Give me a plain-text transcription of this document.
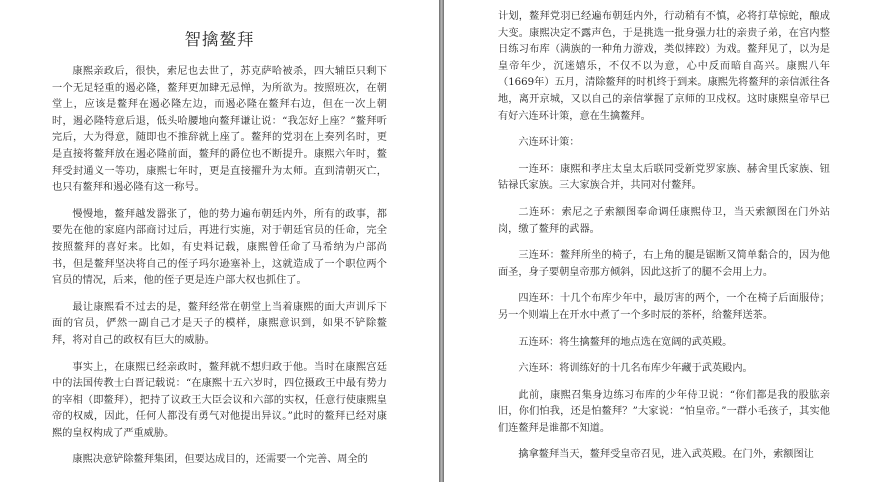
智擒鳌拜

康熙亲政后，很快，索尼也去世了，苏克萨哈被杀，四大辅臣只剩下一个无足轻重的遏必隆，鳌拜更加肆无忌惮，为所欲为。按照班次，在朝堂上，应该是鳌拜在遏必隆左边，而遏必隆在鳌拜右边，但在一次上朝时，遏必隆特意后退，低头哈腰地向鳌拜谦让说：“我怎好上座？”鳌拜听完后，大为得意，随即也不推辞就上座了。鳌拜的党羽在上奏列名时，更是直接将鳌拜放在遏必隆前面，鳌拜的爵位也不断提升。康熙六年时，鳌拜受封通义一等功，康熙七年时，更是直接擢升为太师。直到清朝灭亡，也只有鳌拜和遏必隆有这一称号。

慢慢地，鳌拜越发嚣张了，他的势力遍布朝廷内外，所有的政事，都要先在他的家庭内部商讨过后，再进行实施，对于朝廷官员的任命，完全按照鳌拜的喜好来。比如，有史料记载，康熙曾任命了马希纳为户部尚书，但是鳌拜坚决将自己的侄子玛尔逊塞补上，这就造成了一个职位两个官员的情况，后来，他的侄子更是连户部大权也抓住了。

最让康熙看不过去的是，鳌拜经常在朝堂上当着康熙的面大声训斥下面的官员，俨然一副自己才是天子的模样，康熙意识到，如果不铲除鳌拜，将对自己的政权有巨大的威胁。

事实上，在康熙已经亲政时，鳌拜就不想归政于他。当时在康熙宫廷中的法国传教士白晋记载说：“在康熙十五六岁时，四位摄政王中最有势力的宰相（即鳌拜），把持了议政王大臣会议和六部的实权，任意行使康熙皇帝的权威，因此，任何人都没有勇气对他提出异议。”此时的鳌拜已经对康熙的皇权构成了严重威胁。

康熙决意铲除鳌拜集团，但要达成目的，还需要一个完善、周全的

计划，鳌拜党羽已经遍布朝廷内外，行动稍有不慎，必将打草惊蛇，酿成大变。康熙决定不露声色，于是挑选一批身强力壮的亲贵子弟，在宫内整日练习布库（满族的一种角力游戏，类似摔跤）为戏。鳌拜见了，以为是皇帝年少，沉迷嬉乐，不仅不以为意，心中反而暗自高兴。康熙八年（1669年）五月，清除鳌拜的时机终于到来。康熙先将鳌拜的亲信派往各地，离开京城，又以自己的亲信掌握了京师的卫戍权。这时康熙皇帝早已有好六连环计策，意在生擒鳌拜。

六连环计策：

一连环：康熙和孝庄太皇太后联同受新党罗家族、赫舍里氏家族、钮钴禄氏家族。三大家族合并，共同对付鳌拜。

二连环：索尼之子索额图奉命调任康熙侍卫，当天索额图在门外站岗，缴了鳌拜的武器。

三连环：鳌拜所坐的椅子，右上角的腿是锯断又简单黏合的，因为他面圣，身子要朝皇帝那方倾斜，因此这折了的腿不会用上力。

四连环：十几个布库少年中，最厉害的两个，一个在椅子后面服侍；另一个则端上在开水中煮了一个多时辰的茶杯，给鳌拜送茶。

五连环：将生擒鳌拜的地点选在宽阔的武英殿。

六连环：将训练好的十几名布库少年藏于武英殿内。

此前，康熙召集身边练习布库的少年侍卫说：“你们都是我的股肱亲旧，你们怕我，还是怕鳌拜？”大家说：“怕皇帝。”一群小毛孩子，其实他们连鳌拜是谁都不知道。

擒拿鳌拜当天，鳌拜受皇帝召见，进入武英殿。在门外，索额图让
